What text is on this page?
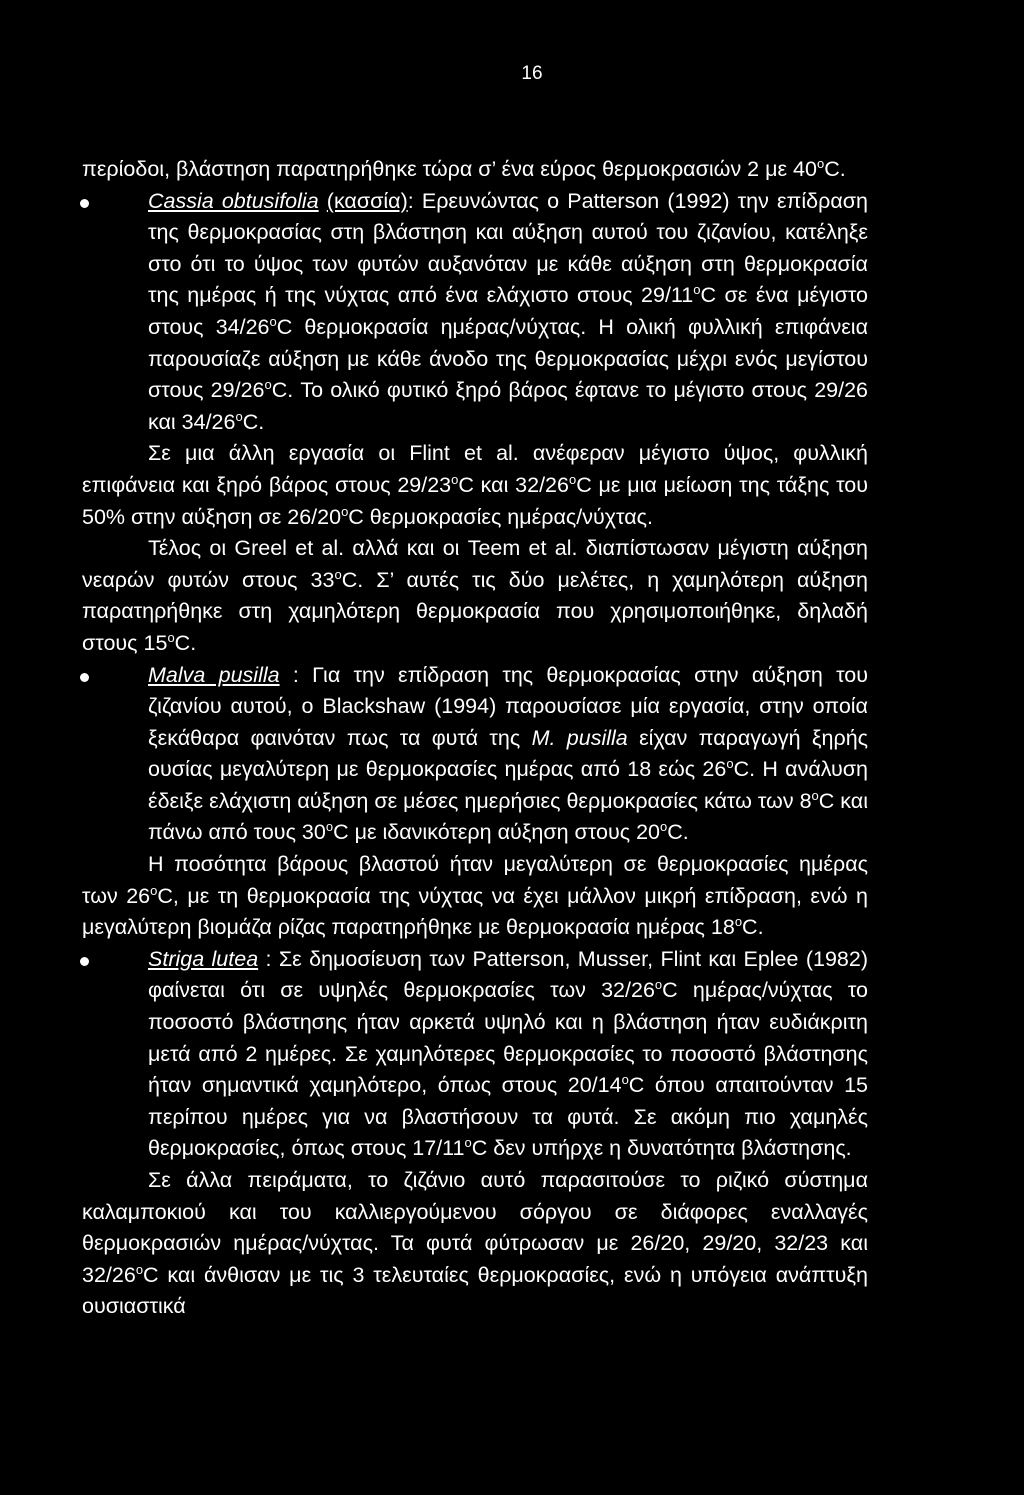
16

περίοδοι, βλάστηση παρατηρήθηκε τώρα σ’ ένα εύρος θερμοκρασιών 2 με 40$^o$C.

Cassia obtusifolia (κασσία): Ερευνώντας ο Patterson (1992) την επίδραση της θερμοκρασίας στη βλάστηση και αύξηση αυτού του ζιζανίου, κατέληξε στο ότι το ύψος των φυτών αυξανόταν με κάθε αύξηση στη θερμοκρασία της ημέρας ή της νύχτας από ένα ελάχιστο στους 29/11$^o$C σε ένα μέγιστο στους 34/26$^o$C θερμοκρασία ημέρας/νύχτας. Η ολική φυλλική επιφάνεια παρουσίαζε αύξηση με κάθε άνοδο της θερμοκρασίας μέχρι ενός μεγίστου στους 29/26$^o$C. Το ολικό φυτικό ξηρό βάρος έφτανε το μέγιστο στους 29/26 και 34/26$^o$C.

Σε μια άλλη εργασία οι Flint et al. ανέφεραν μέγιστο ύψος, φυλλική επιφάνεια και ξηρό βάρος στους 29/23$^o$C και 32/26$^o$C με μια μείωση της τάξης του 50% στην αύξηση σε 26/20$^o$C θερμοκρασίες ημέρας/νύχτας.

Τέλος οι Greel et al. αλλά και οι Teem et al. διαπίστωσαν μέγιστη αύξηση νεαρών φυτών στους 33$^o$C. Σ’ αυτές τις δύο μελέτες, η χαμηλότερη αύξηση παρατηρήθηκε στη χαμηλότερη θερμοκρασία που χρησιμοποιήθηκε, δηλαδή στους 15$^o$C.

Malva pusilla : Για την επίδραση της θερμοκρασίας στην αύξηση του ζιζανίου αυτού, ο Blackshaw (1994) παρουσίασε μία εργασία, στην οποία ξεκάθαρα φαινόταν πως τα φυτά της M. pusilla είχαν παραγωγή ξηρής ουσίας μεγαλύτερη με θερμοκρασίες ημέρας από 18 εώς 26$^o$C. Η ανάλυση έδειξε ελάχιστη αύξηση σε μέσες ημερήσιες θερμοκρασίες κάτω των 8$^o$C και πάνω από τους 30$^o$C με ιδανικότερη αύξηση στους 20$^o$C.

Η ποσότητα βάρους βλαστού ήταν μεγαλύτερη σε θερμοκρασίες ημέρας των 26$^o$C, με τη θερμοκρασία της νύχτας να έχει μάλλον μικρή επίδραση, ενώ η μεγαλύτερη βιομάζα ρίζας παρατηρήθηκε με θερμοκρασία ημέρας 18$^o$C.

Striga lutea : Σε δημοσίευση των Patterson, Musser, Flint και Eplee (1982) φαίνεται ότι σε υψηλές θερμοκρασίες των 32/26$^o$C ημέρας/νύχτας το ποσοστό βλάστησης ήταν αρκετά υψηλό και η βλάστηση ήταν ευδιάκριτη μετά από 2 ημέρες. Σε χαμηλότερες θερμοκρασίες το ποσοστό βλάστησης ήταν σημαντικά χαμηλότερο, όπως στους 20/14$^o$C όπου απαιτούνταν 15 περίπου ημέρες για να βλαστήσουν τα φυτά. Σε ακόμη πιο χαμηλές θερμοκρασίες, όπως στους 17/11$^o$C δεν υπήρχε η δυνατότητα βλάστησης.

Σε άλλα πειράματα, το ζιζάνιο αυτό παρασιτούσε το ριζικό σύστημα καλαμποκιού και του καλλιεργούμενου σόργου σε διάφορες εναλλαγές θερμοκρασιών ημέρας/νύχτας. Τα φυτά φύτρωσαν με 26/20, 29/20, 32/23 και 32/26$^o$C και άνθισαν με τις 3 τελευταίες θερμοκρασίες, ενώ η υπόγεια ανάπτυξη ουσιαστικά
